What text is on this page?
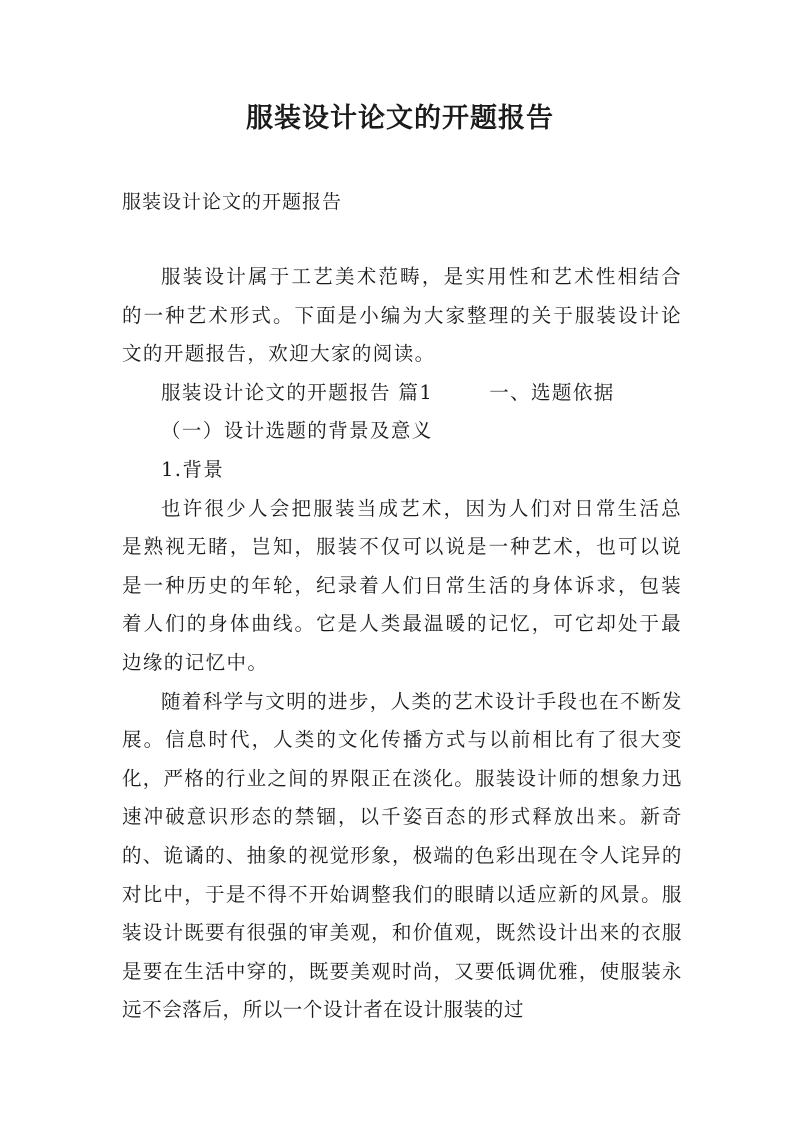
服装设计论文的开题报告
服装设计论文的开题报告

服装设计属于工艺美术范畴，是实用性和艺术性相结合的一种艺术形式。下面是小编为大家整理的关于服装设计论文的开题报告，欢迎大家的阅读。

服装设计论文的开题报告 篇1	一、选题依据

（一）设计选题的背景及意义

1.背景

也许很少人会把服装当成艺术，因为人们对日常生活总是熟视无睹，岂知，服装不仅可以说是一种艺术，也可以说是一种历史的年轮，纪录着人们日常生活的身体诉求，包装着人们的身体曲线。它是人类最温暖的记忆，可它却处于最边缘的记忆中。

随着科学与文明的进步，人类的艺术设计手段也在不断发展。信息时代，人类的文化传播方式与以前相比有了很大变化，严格的行业之间的界限正在淡化。服装设计师的想象力迅速冲破意识形态的禁锢，以千姿百态的形式释放出来。新奇的、诡谲的、抽象的视觉形象，极端的色彩出现在令人诧异的对比中，于是不得不开始调整我们的眼睛以适应新的风景。服装设计既要有很强的审美观，和价值观，既然设计出来的衣服是要在生活中穿的，既要美观时尚，又要低调优雅，使服装永远不会落后，所以一个设计者在设计服装的过
